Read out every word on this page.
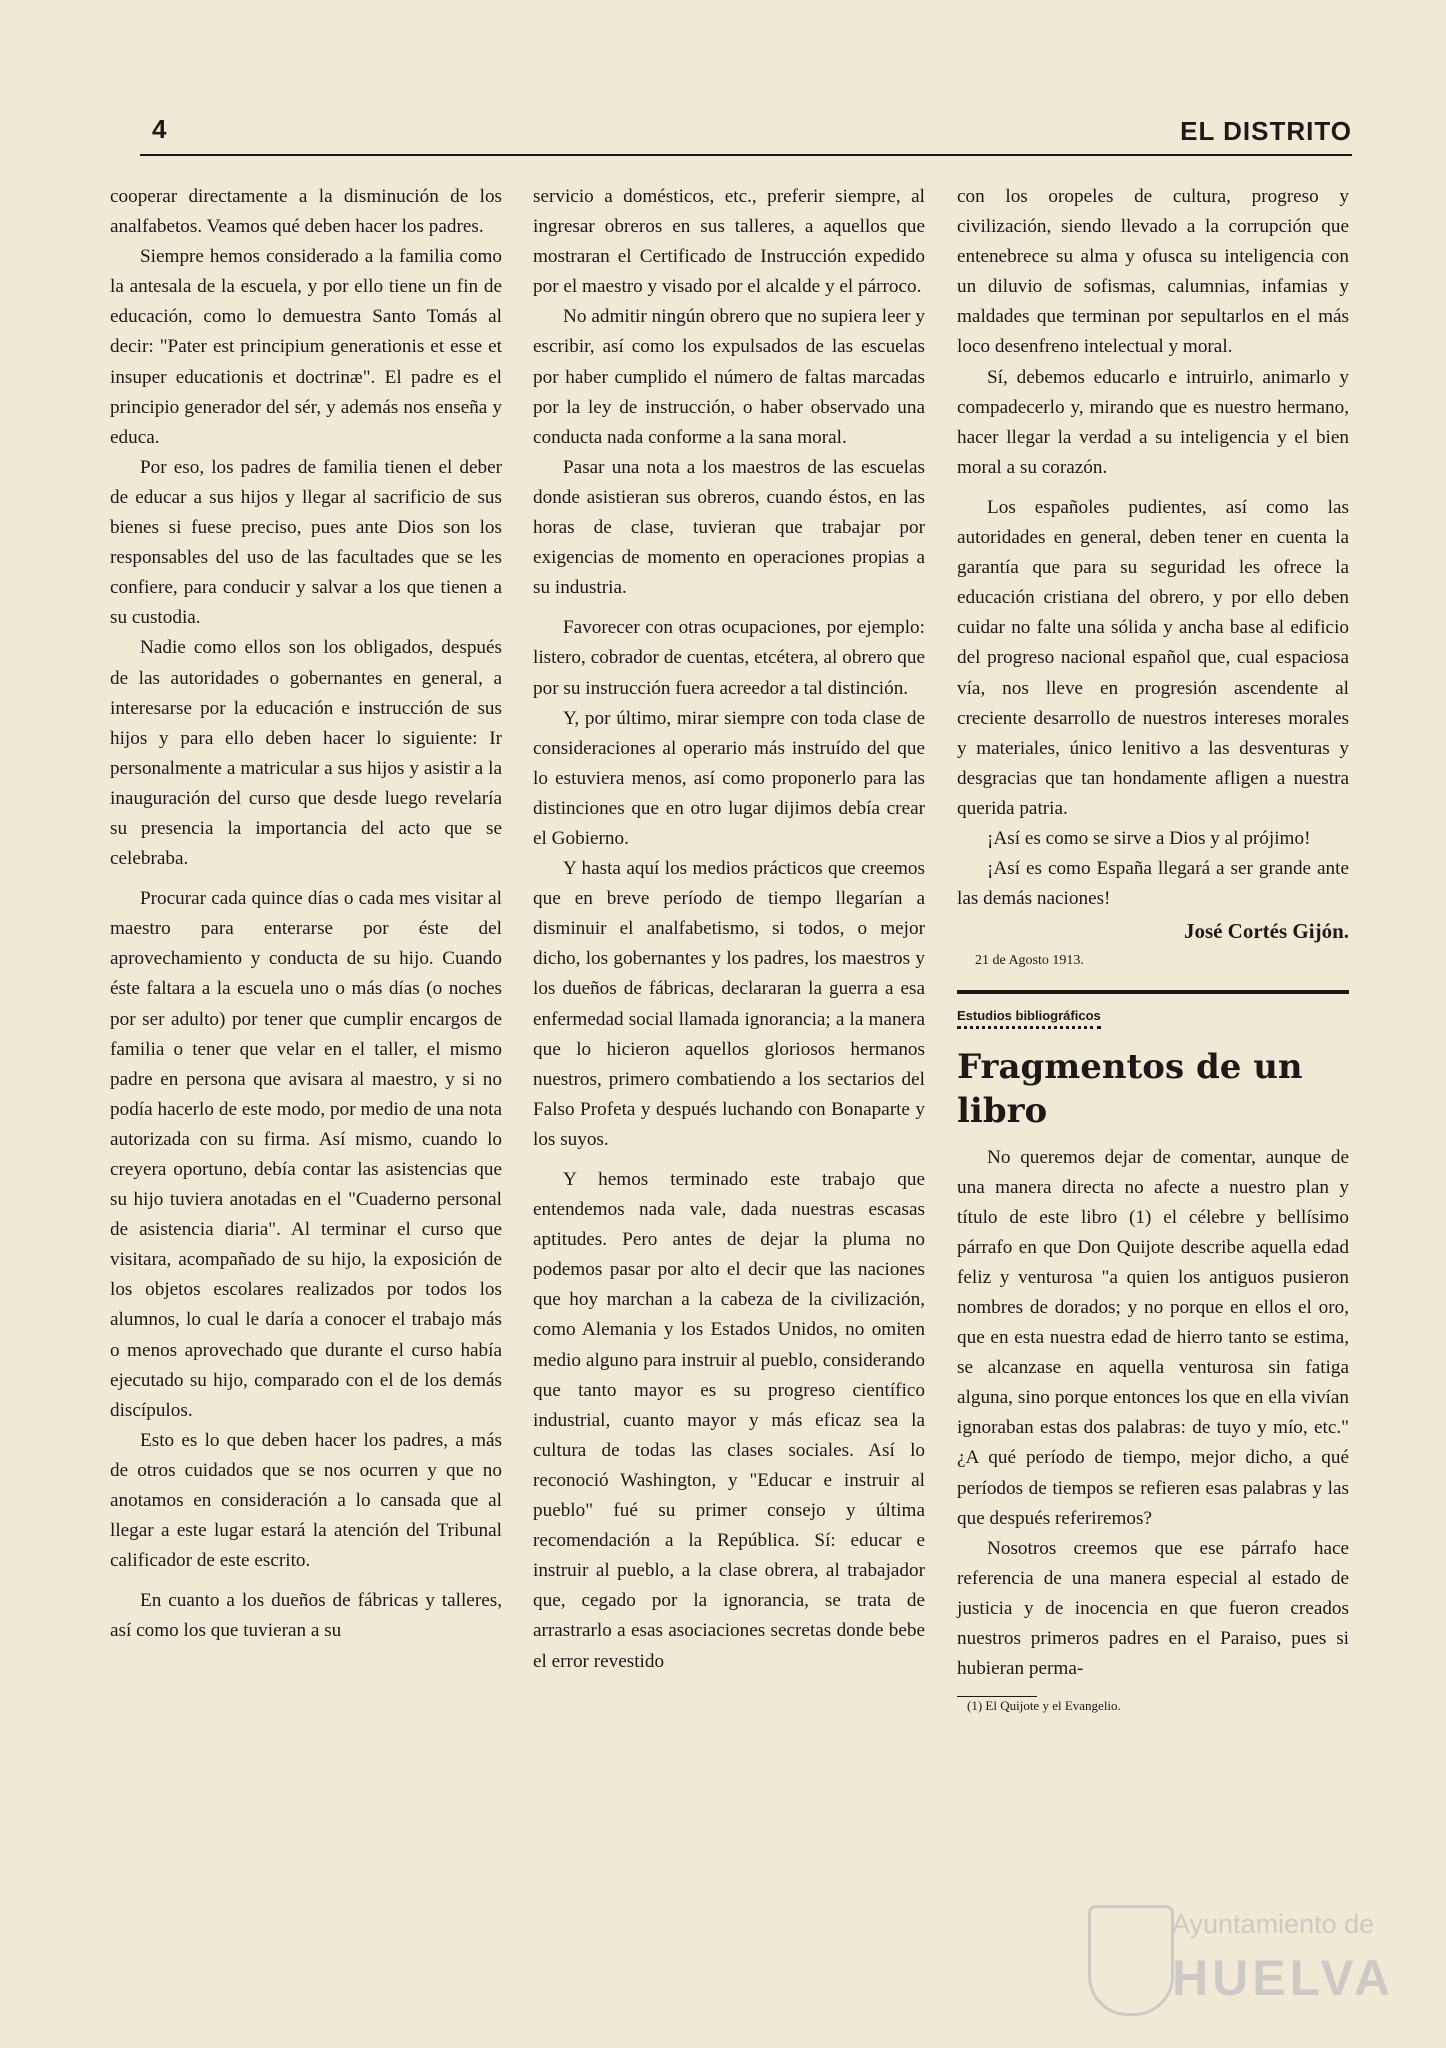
4	EL DISTRITO

cooperar directamente a la disminución de los analfabetos. Veamos qué deben hacer los padres.

Siempre hemos considerado a la familia como la antesala de la escuela, y por ello tiene un fin de educación, como lo demuestra Santo Tomás al decir: "Pater est principium generationis et esse et insuper educationis et doctrinæ". El padre es el principio generador del sér, y además nos enseña y educa.

Por eso, los padres de familia tienen el deber de educar a sus hijos y llegar al sacrificio de sus bienes si fuese preciso, pues ante Dios son los responsables del uso de las facultades que se les confiere, para conducir y salvar a los que tienen a su custodia.

Nadie como ellos son los obligados, después de las autoridades o gobernantes en general, a interesarse por la educación e instrucción de sus hijos y para ello deben hacer lo siguiente: Ir personalmente a matricular a sus hijos y asistir a la inauguración del curso que desde luego revelaría su presencia la importancia del acto que se celebraba.

Procurar cada quince días o cada mes visitar al maestro para enterarse por éste del aprovechamiento y conducta de su hijo. Cuando éste faltara a la escuela uno o más días (o noches por ser adulto) por tener que cumplir encargos de familia o tener que velar en el taller, el mismo padre en persona que avisara al maestro, y si no podía hacerlo de este modo, por medio de una nota autorizada con su firma. Así mismo, cuando lo creyera oportuno, debía contar las asistencias que su hijo tuviera anotadas en el "Cuaderno personal de asistencia diaria". Al terminar el curso que visitara, acompañado de su hijo, la exposición de los objetos escolares realizados por todos los alumnos, lo cual le daría a conocer el trabajo más o menos aprovechado que durante el curso había ejecutado su hijo, comparado con el de los demás discípulos.

Esto es lo que deben hacer los padres, a más de otros cuidados que se nos ocurren y que no anotamos en consideración a lo cansada que al llegar a este lugar estará la atención del Tribunal calificador de este escrito.

En cuanto a los dueños de fábricas y talleres, así como los que tuvieran a su

servicio a domésticos, etc., preferir siempre, al ingresar obreros en sus talleres, a aquellos que mostraran el Certificado de Instrucción expedido por el maestro y visado por el alcalde y el párroco.

No admitir ningún obrero que no supiera leer y escribir, así como los expulsados de las escuelas por haber cumplido el número de faltas marcadas por la ley de instrucción, o haber observado una conducta nada conforme a la sana moral.

Pasar una nota a los maestros de las escuelas donde asistieran sus obreros, cuando éstos, en las horas de clase, tuvieran que trabajar por exigencias de momento en operaciones propias a su industria.

Favorecer con otras ocupaciones, por ejemplo: listero, cobrador de cuentas, etcétera, al obrero que por su instrucción fuera acreedor a tal distinción.

Y, por último, mirar siempre con toda clase de consideraciones al operario más instruído del que lo estuviera menos, así como proponerlo para las distinciones que en otro lugar dijimos debía crear el Gobierno.

Y hasta aquí los medios prácticos que creemos que en breve período de tiempo llegarían a disminuir el analfabetismo, si todos, o mejor dicho, los gobernantes y los padres, los maestros y los dueños de fábricas, declararan la guerra a esa enfermedad social llamada ignorancia; a la manera que lo hicieron aquellos gloriosos hermanos nuestros, primero combatiendo a los sectarios del Falso Profeta y después luchando con Bonaparte y los suyos.

Y hemos terminado este trabajo que entendemos nada vale, dada nuestras escasas aptitudes. Pero antes de dejar la pluma no podemos pasar por alto el decir que las naciones que hoy marchan a la cabeza de la civilización, como Alemania y los Estados Unidos, no omiten medio alguno para instruir al pueblo, considerando que tanto mayor es su progreso científico industrial, cuanto mayor y más eficaz sea la cultura de todas las clases sociales. Así lo reconoció Washington, y "Educar e instruir al pueblo" fué su primer consejo y última recomendación a la República. Sí: educar e instruir al pueblo, a la clase obrera, al trabajador que, cegado por la ignorancia, se trata de arrastrarlo a esas asociaciones secretas donde bebe el error revestido

con los oropeles de cultura, progreso y civilización, siendo llevado a la corrupción que entenebrece su alma y ofusca su inteligencia con un diluvio de sofismas, calumnias, infamias y maldades que terminan por sepultarlos en el más loco desenfreno intelectual y moral.

Sí, debemos educarlo e intruirlo, animarlo y compadecerlo y, mirando que es nuestro hermano, hacer llegar la verdad a su inteligencia y el bien moral a su corazón.

Los españoles pudientes, así como las autoridades en general, deben tener en cuenta la garantía que para su seguridad les ofrece la educación cristiana del obrero, y por ello deben cuidar no falte una sólida y ancha base al edificio del progreso nacional español que, cual espaciosa vía, nos lleve en progresión ascendente al creciente desarrollo de nuestros intereses morales y materiales, único lenitivo a las desventuras y desgracias que tan hondamente afligen a nuestra querida patria.

¡Así es como se sirve a Dios y al prójimo!

¡Así es como España llegará a ser grande ante las demás naciones!

José Cortés Gijón.
21 de Agosto 1913.
Estudios bibliográficos
Fragmentos de un libro

No queremos dejar de comentar, aunque de una manera directa no afecte a nuestro plan y título de este libro (1) el célebre y bellísimo párrafo en que Don Quijote describe aquella edad feliz y venturosa "a quien los antiguos pusieron nombres de dorados; y no porque en ellos el oro, que en esta nuestra edad de hierro tanto se estima, se alcanzase en aquella venturosa sin fatiga alguna, sino porque entonces los que en ella vivían ignoraban estas dos palabras: de tuyo y mío, etc." ¿A qué período de tiempo, mejor dicho, a qué períodos de tiempos se refieren esas palabras y las que después referiremos?

Nosotros creemos que ese párrafo hace referencia de una manera especial al estado de justicia y de inocencia en que fueron creados nuestros primeros padres en el Paraiso, pues si hubieran perma-

(1) El Quijote y el Evangelio.

Ayuntamiento de
HUELVA
